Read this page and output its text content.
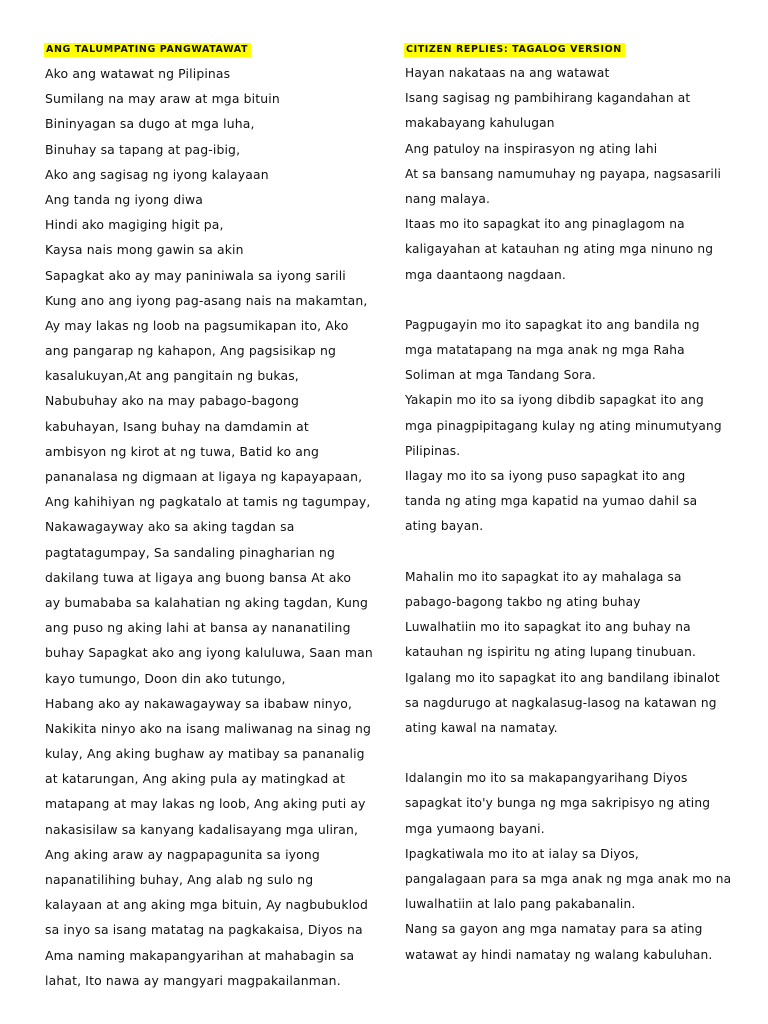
ANG TALUMPATING PANGWATAWAT
Ako ang watawat ng Pilipinas
Sumilang na may araw at mga bituin
Bininyagan sa dugo at mga luha,
Binuhay sa tapang at pag-ibig,
Ako ang sagisag ng iyong kalayaan
Ang tanda ng iyong diwa
Hindi ako magiging higit pa,
Kaysa nais mong gawin sa akin
Sapagkat ako ay may paniniwala sa iyong sarili
Kung ano ang iyong pag-asang nais na makamtan,
Ay may lakas ng loob na pagsumikapan ito, Ako
ang pangarap ng kahapon, Ang pagsisikap ng
kasalukuyan,At ang pangitain ng bukas,
Nabubuhay ako na may pabago-bagong
kabuhayan, Isang buhay na damdamin at
ambisyon ng kirot at ng tuwa, Batid ko ang
pananalasa ng digmaan at ligaya ng kapayapaan,
Ang kahihiyan ng pagkatalo at tamis ng tagumpay,
Nakawagayway ako sa aking tagdan sa
pagtatagumpay, Sa sandaling pinagharian ng
dakilang tuwa at ligaya ang buong bansa At ako
ay bumababa sa kalahatian ng aking tagdan, Kung
ang puso ng aking lahi at bansa ay nananatiling
buhay Sapagkat ako ang iyong kaluluwa, Saan man
kayo tumungo, Doon din ako tutungo,
Habang ako ay nakawagayway sa ibabaw ninyo,
Nakikita ninyo ako na isang maliwanag na sinag ng
kulay, Ang aking bughaw ay matibay sa pananalig
at katarungan, Ang aking pula ay matingkad at
matapang at may lakas ng loob, Ang aking puti ay
nakasisilaw sa kanyang kadalisayang mga uliran,
Ang aking araw ay nagpapagunita sa iyong
napanatilihing buhay, Ang alab ng sulo ng
kalayaan at ang aking mga bituin, Ay nagbubuklod
sa inyo sa isang matatag na pagkakaisa, Diyos na
Ama naming makapangyarihan at mahabagin sa
lahat, Ito nawa ay mangyari magpakailanman.
CITIZEN REPLIES: TAGALOG VERSION
Hayan nakataas na ang watawat
Isang sagisag ng pambihirang kagandahan at
makabayang kahulugan
Ang patuloy na inspirasyon ng ating lahi
At sa bansang namumuhay ng payapa, nagsasarili
nang malaya.
Itaas mo ito sapagkat ito ang pinaglagom na
kaligayahan at katauhan ng ating mga ninuno ng
mga daantaong nagdaan.
Pagpugayin mo ito sapagkat ito ang bandila ng
mga matatapang na mga anak ng mga Raha
Soliman at mga Tandang Sora.
Yakapin mo ito sa iyong dibdib sapagkat ito ang
mga pinagpipitagang kulay ng ating minumutyang
Pilipinas.
Ilagay mo ito sa iyong puso sapagkat ito ang
tanda ng ating mga kapatid na yumao dahil sa
ating bayan.
Mahalin mo ito sapagkat ito ay mahalaga sa
pabago-bagong takbo ng ating buhay
Luwalhatiin mo ito sapagkat ito ang buhay na
katauhan ng ispiritu ng ating lupang tinubuan.
Igalang mo ito sapagkat ito ang bandilang ibinalot
sa nagdurugo at nagkalasug-lasog na katawan ng
ating kawal na namatay.
Idalangin mo ito sa makapangyarihang Diyos
sapagkat ito'y bunga ng mga sakripisyo ng ating
mga yumaong bayani.
Ipagkatiwala mo ito at ialay sa Diyos,
pangalagaan para sa mga anak ng mga anak mo na
luwalhatiin at lalo pang pakabanalin.
Nang sa gayon ang mga namatay para sa ating
watawat ay hindi namatay ng walang kabuluhan.
